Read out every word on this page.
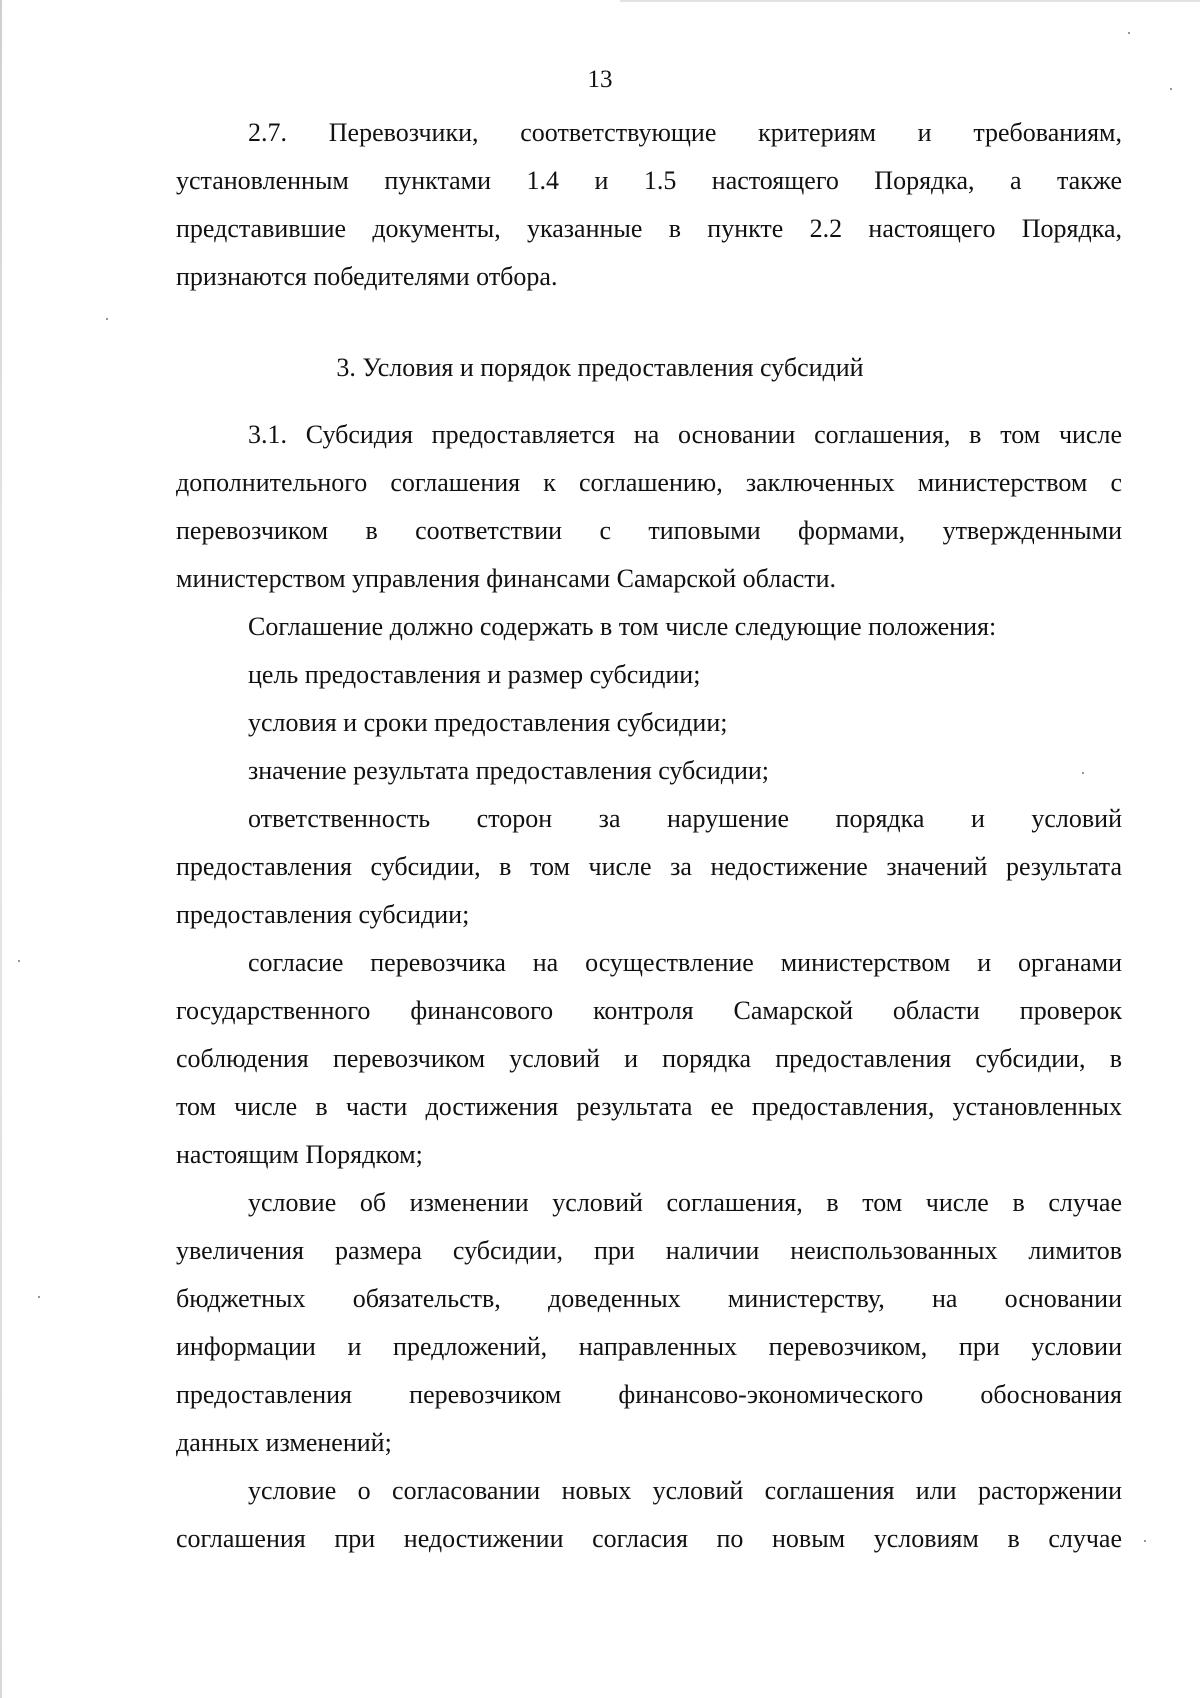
13
2.7. Перевозчики, соответствующие критериям и требованиям,
установленным пунктами 1.4 и 1.5 настоящего Порядка, а также
представившие документы, указанные в пункте 2.2 настоящего Порядка,
признаются победителями отбора.
3. Условия и порядок предоставления субсидий
3.1. Субсидия предоставляется на основании соглашения, в том числе
дополнительного соглашения к соглашению, заключенных министерством с
перевозчиком в соответствии с типовыми формами, утвержденными
министерством управления финансами Самарской области.
Соглашение должно содержать в том числе следующие положения:
цель предоставления и размер субсидии;
условия и сроки предоставления субсидии;
значение результата предоставления субсидии;
ответственность сторон за нарушение порядка и условий
предоставления субсидии, в том числе за недостижение значений результата
предоставления субсидии;
согласие перевозчика на осуществление министерством и органами
государственного финансового контроля Самарской области проверок
соблюдения перевозчиком условий и порядка предоставления субсидии, в
том числе в части достижения результата ее предоставления, установленных
настоящим Порядком;
условие об изменении условий соглашения, в том числе в случае
увеличения размера субсидии, при наличии неиспользованных лимитов
бюджетных обязательств, доведенных министерству, на основании
информации и предложений, направленных перевозчиком, при условии
предоставления перевозчиком финансово-экономического обоснования
данных изменений;
условие о согласовании новых условий соглашения или расторжении
соглашения при недостижении согласия по новым условиям в случае
